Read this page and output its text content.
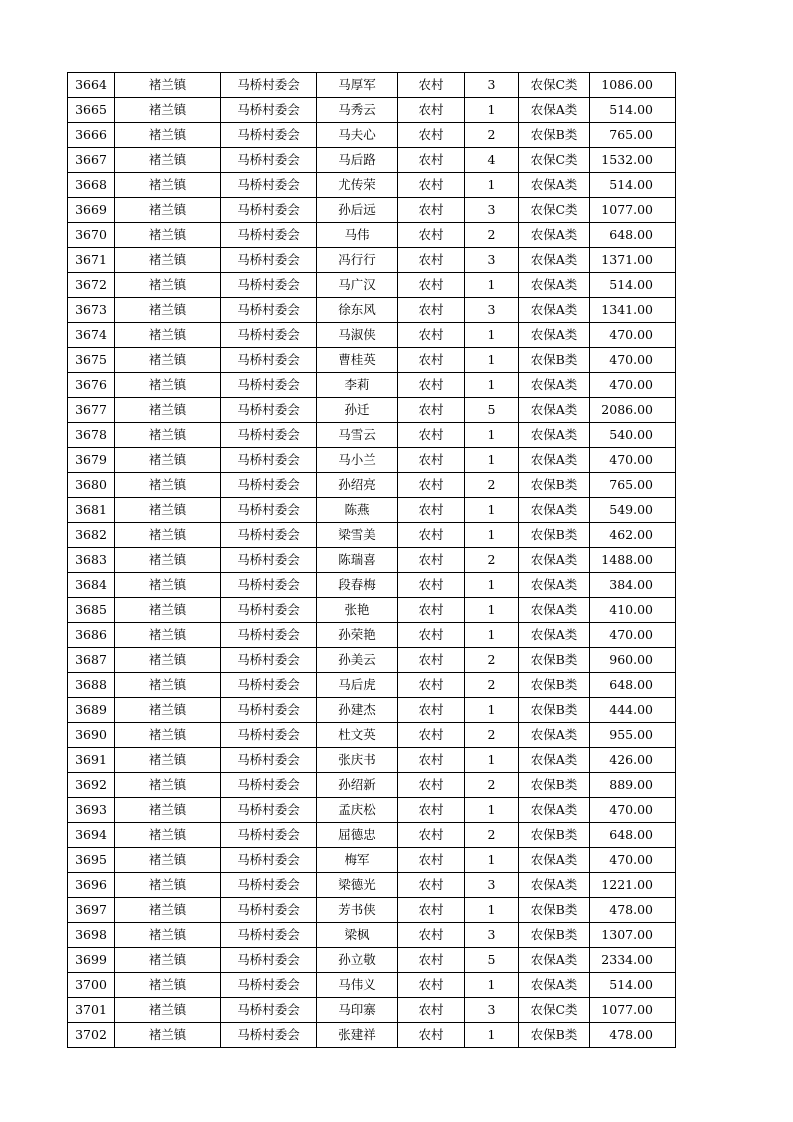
3664	褚兰镇	马桥村委会	马厚军	农村	3	农保C类	1086.00
3665	褚兰镇	马桥村委会	马秀云	农村	1	农保A类	514.00
3666	褚兰镇	马桥村委会	马夫心	农村	2	农保B类	765.00
3667	褚兰镇	马桥村委会	马后路	农村	4	农保C类	1532.00
3668	褚兰镇	马桥村委会	尤传荣	农村	1	农保A类	514.00
3669	褚兰镇	马桥村委会	孙后远	农村	3	农保C类	1077.00
3670	褚兰镇	马桥村委会	马伟	农村	2	农保A类	648.00
3671	褚兰镇	马桥村委会	冯行行	农村	3	农保A类	1371.00
3672	褚兰镇	马桥村委会	马广汉	农村	1	农保A类	514.00
3673	褚兰镇	马桥村委会	徐东风	农村	3	农保A类	1341.00
3674	褚兰镇	马桥村委会	马淑侠	农村	1	农保A类	470.00
3675	褚兰镇	马桥村委会	曹桂英	农村	1	农保B类	470.00
3676	褚兰镇	马桥村委会	李莉	农村	1	农保A类	470.00
3677	褚兰镇	马桥村委会	孙迁	农村	5	农保A类	2086.00
3678	褚兰镇	马桥村委会	马雪云	农村	1	农保A类	540.00
3679	褚兰镇	马桥村委会	马小兰	农村	1	农保A类	470.00
3680	褚兰镇	马桥村委会	孙绍亮	农村	2	农保B类	765.00
3681	褚兰镇	马桥村委会	陈燕	农村	1	农保A类	549.00
3682	褚兰镇	马桥村委会	梁雪美	农村	1	农保B类	462.00
3683	褚兰镇	马桥村委会	陈瑞喜	农村	2	农保A类	1488.00
3684	褚兰镇	马桥村委会	段春梅	农村	1	农保A类	384.00
3685	褚兰镇	马桥村委会	张艳	农村	1	农保A类	410.00
3686	褚兰镇	马桥村委会	孙荣艳	农村	1	农保A类	470.00
3687	褚兰镇	马桥村委会	孙美云	农村	2	农保B类	960.00
3688	褚兰镇	马桥村委会	马后虎	农村	2	农保B类	648.00
3689	褚兰镇	马桥村委会	孙建杰	农村	1	农保B类	444.00
3690	褚兰镇	马桥村委会	杜文英	农村	2	农保A类	955.00
3691	褚兰镇	马桥村委会	张庆书	农村	1	农保A类	426.00
3692	褚兰镇	马桥村委会	孙绍新	农村	2	农保B类	889.00
3693	褚兰镇	马桥村委会	孟庆松	农村	1	农保A类	470.00
3694	褚兰镇	马桥村委会	屈德忠	农村	2	农保B类	648.00
3695	褚兰镇	马桥村委会	梅军	农村	1	农保A类	470.00
3696	褚兰镇	马桥村委会	梁德光	农村	3	农保A类	1221.00
3697	褚兰镇	马桥村委会	芳书侠	农村	1	农保B类	478.00
3698	褚兰镇	马桥村委会	梁枫	农村	3	农保B类	1307.00
3699	褚兰镇	马桥村委会	孙立敬	农村	5	农保A类	2334.00
3700	褚兰镇	马桥村委会	马伟义	农村	1	农保A类	514.00
3701	褚兰镇	马桥村委会	马印寨	农村	3	农保C类	1077.00
3702	褚兰镇	马桥村委会	张建祥	农村	1	农保B类	478.00
